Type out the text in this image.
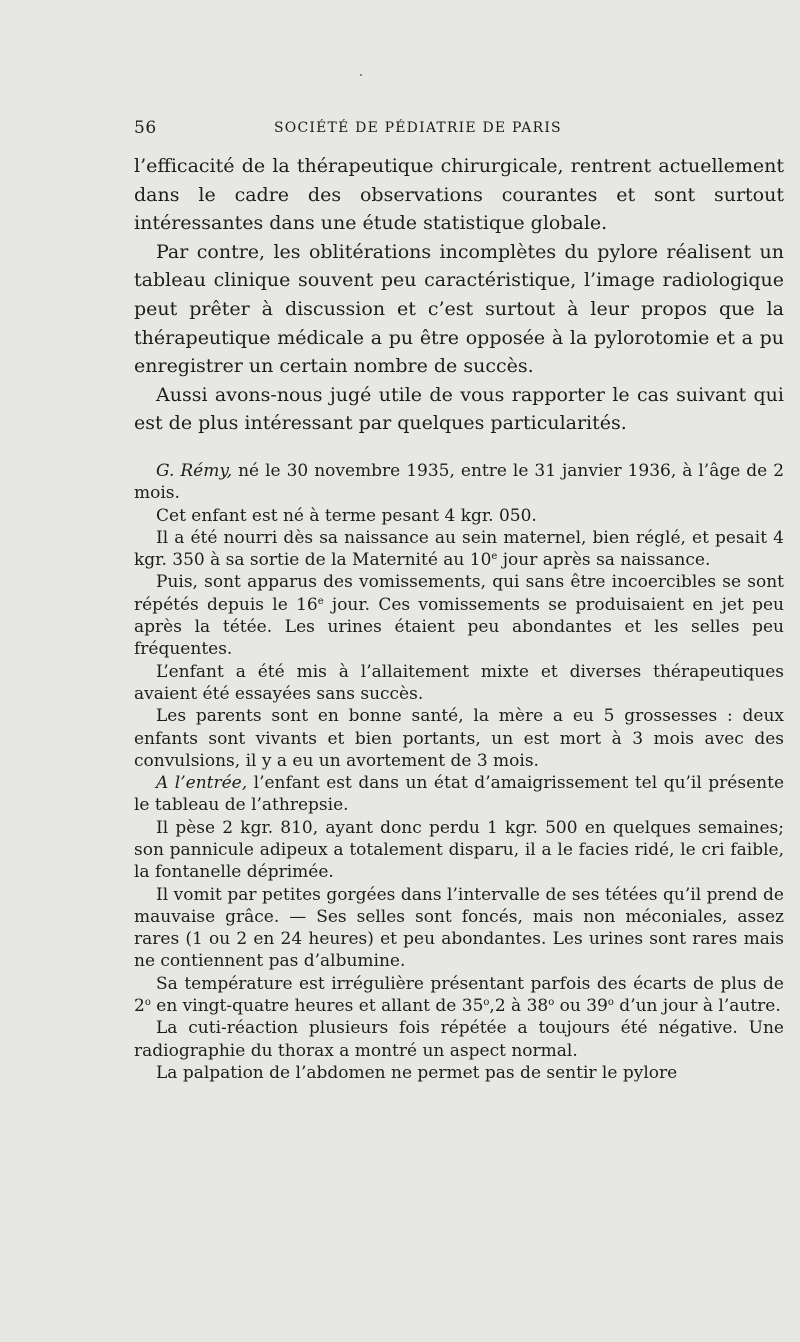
56	SOCIÉTÉ DE PÉDIATRIE DE PARIS

l’efficacité de la thérapeutique chirurgicale, rentrent actuellement dans le cadre des observations courantes et sont surtout intéressantes dans une étude statistique globale.

Par contre, les oblitérations incomplètes du pylore réalisent un tableau clinique souvent peu caractéristique, l’image radiologique peut prêter à discussion et c’est surtout à leur propos que la thérapeutique médicale a pu être opposée à la pylorotomie et a pu enregistrer un certain nombre de succès.

Aussi avons-nous jugé utile de vous rapporter le cas suivant qui est de plus intéressant par quelques particularités.

G. Rémy, né le 30 novembre 1935, entre le 31 janvier 1936, à l’âge de 2 mois.

Cet enfant est né à terme pesant 4 kgr. 050.

Il a été nourri dès sa naissance au sein maternel, bien réglé, et pesait 4 kgr. 350 à sa sortie de la Maternité au 10e jour après sa naissance.

Puis, sont apparus des vomissements, qui sans être incoercibles se sont répétés depuis le 16e jour. Ces vomissements se produisaient en jet peu après la tétée. Les urines étaient peu abondantes et les selles peu fréquentes.

L’enfant a été mis à l’allaitement mixte et diverses thérapeutiques avaient été essayées sans succès.

Les parents sont en bonne santé, la mère a eu 5 grossesses : deux enfants sont vivants et bien portants, un est mort à 3 mois avec des convulsions, il y a eu un avortement de 3 mois.

A l’entrée, l’enfant est dans un état d’amaigrissement tel qu’il présente le tableau de l’athrepsie.

Il pèse 2 kgr. 810, ayant donc perdu 1 kgr. 500 en quelques semaines; son pannicule adipeux a totalement disparu, il a le facies ridé, le cri faible, la fontanelle déprimée.

Il vomit par petites gorgées dans l’intervalle de ses tétées qu’il prend de mauvaise grâce. — Ses selles sont foncés, mais non méconiales, assez rares (1 ou 2 en 24 heures) et peu abondantes. Les urines sont rares mais ne contiennent pas d’albumine.

Sa température est irrégulière présentant parfois des écarts de plus de 2$^o$ en vingt-quatre heures et allant de 35$^o$,2 à 38$^o$ ou 39$^o$ d’un jour à l’autre.

La cuti-réaction plusieurs fois répétée a toujours été négative. Une radiographie du thorax a montré un aspect normal.

La palpation de l’abdomen ne permet pas de sentir le pylore
